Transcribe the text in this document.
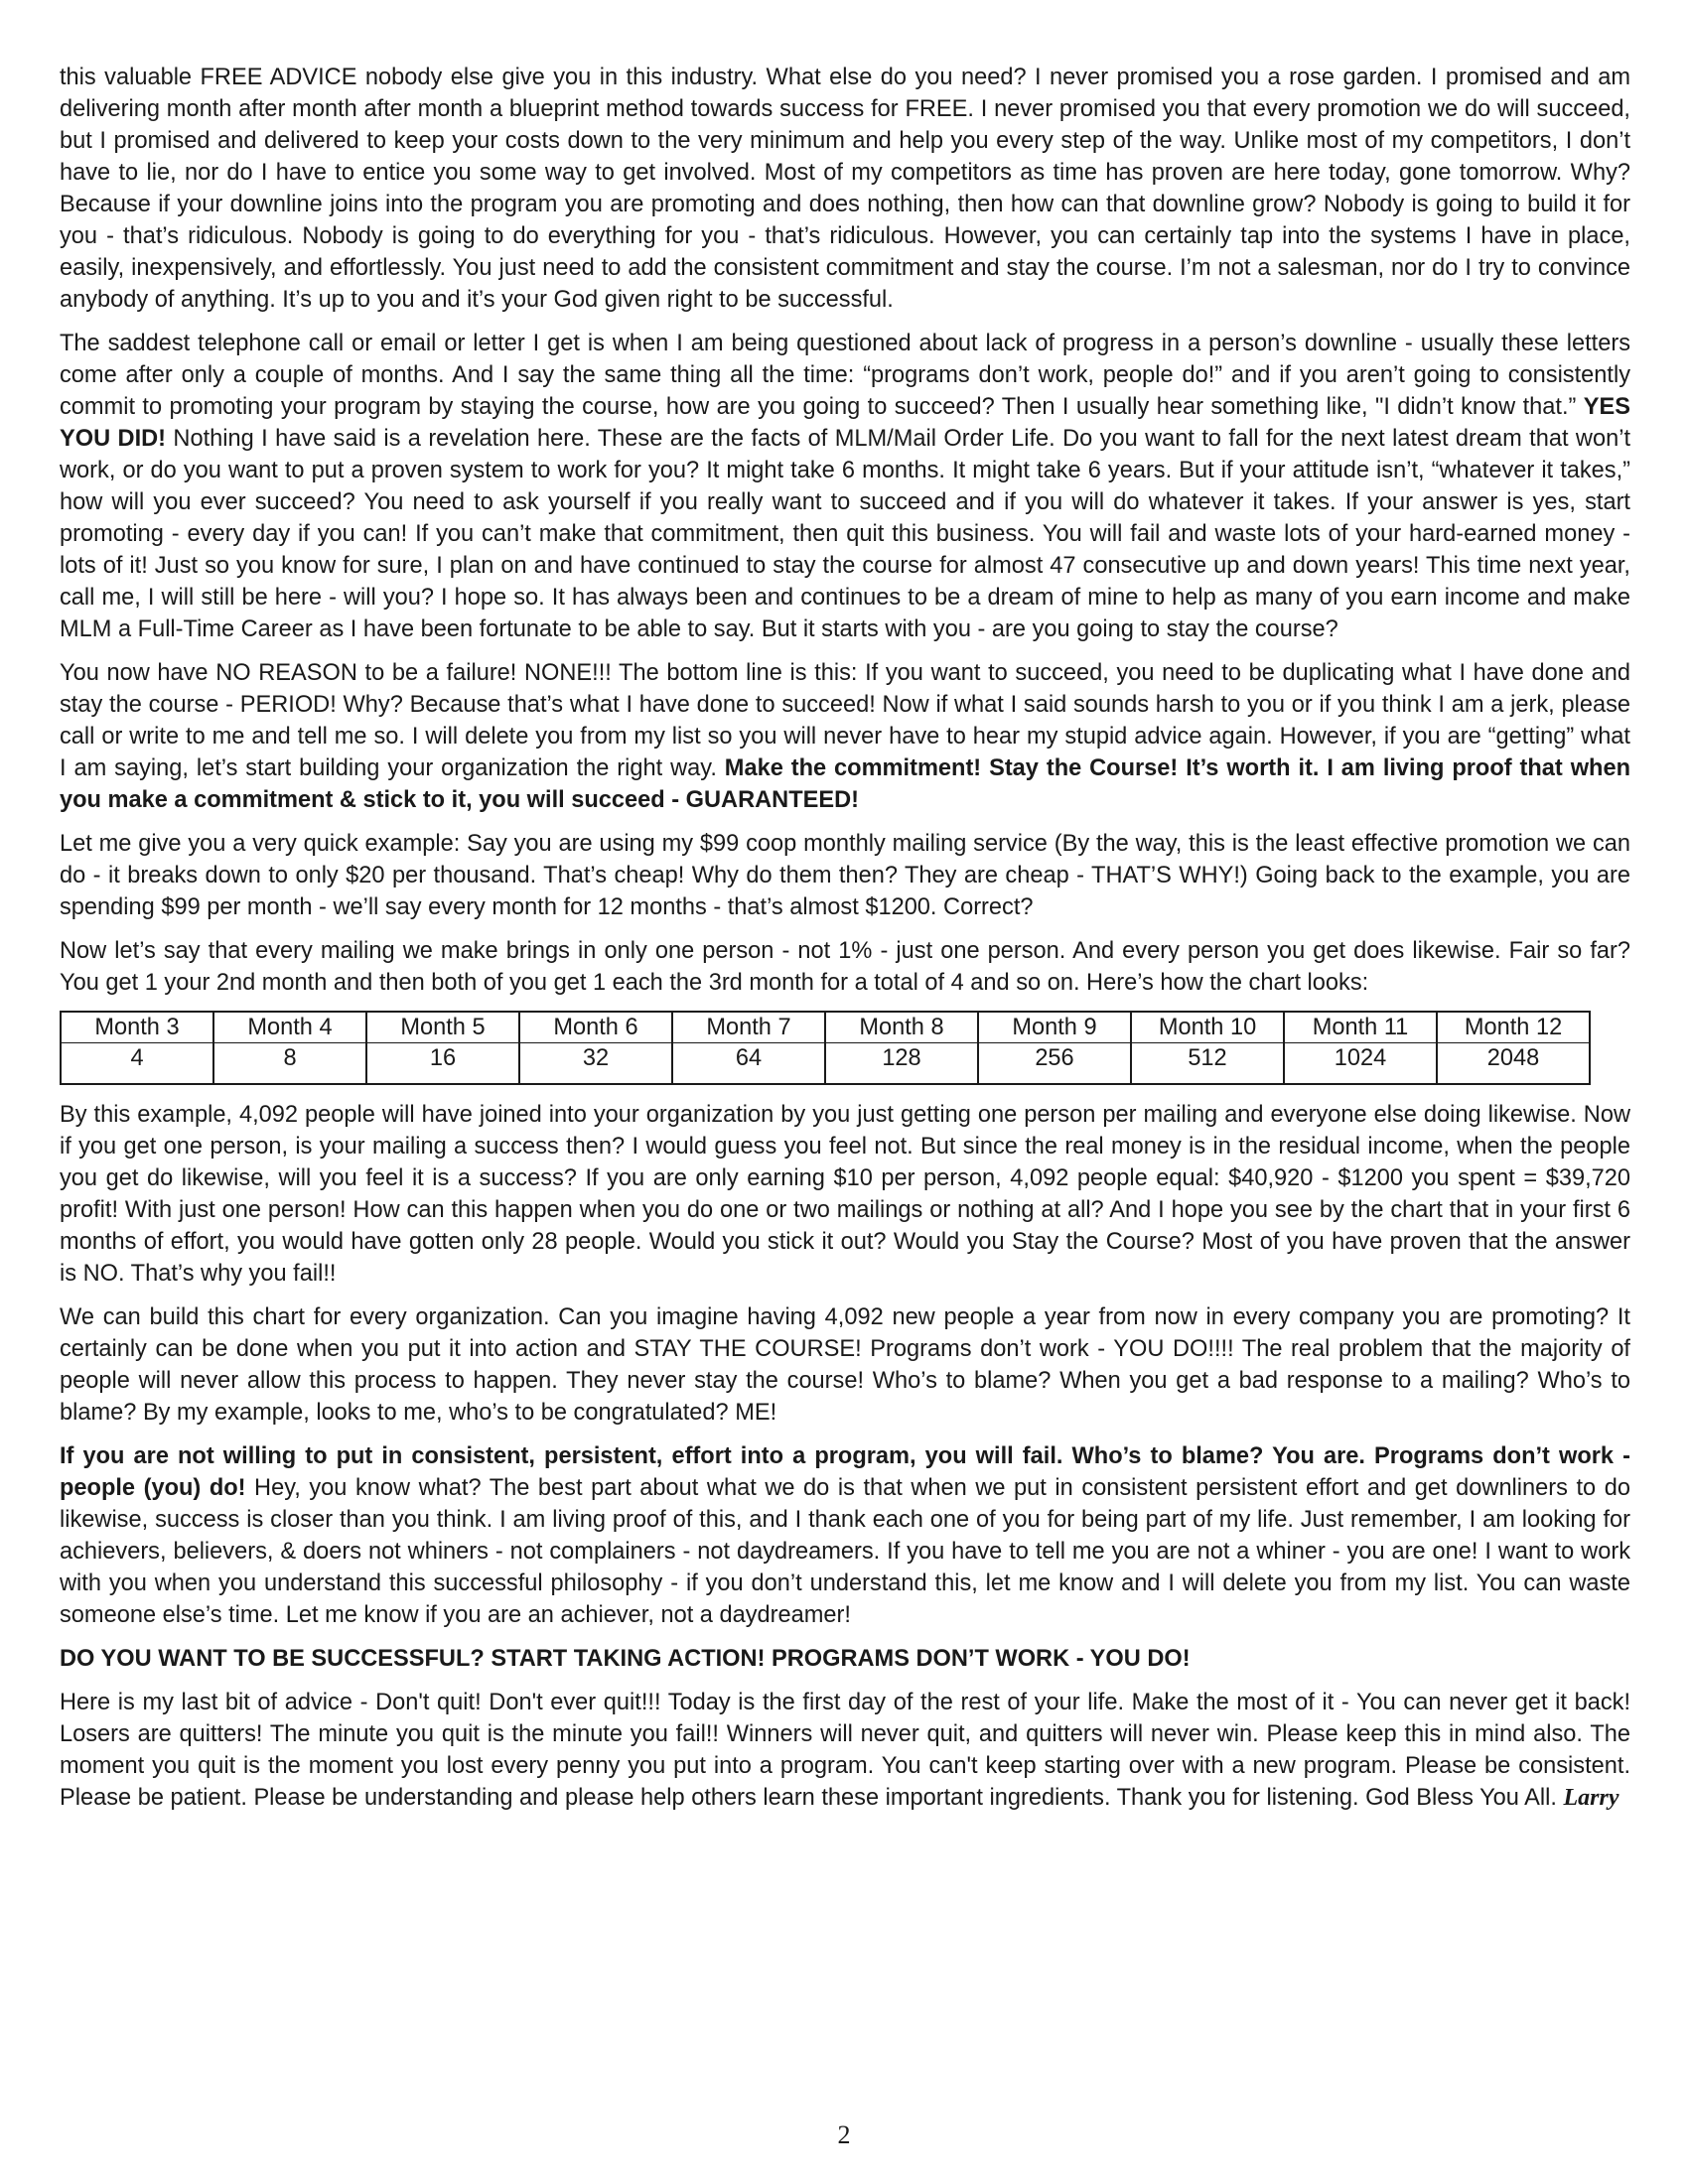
this valuable FREE ADVICE nobody else give you in this industry. What else do you need? I never promised you a rose garden. I promised and am delivering month after month after month a blueprint method towards success for FREE. I never promised you that every promotion we do will succeed, but I promised and delivered to keep your costs down to the very minimum and help you every step of the way. Unlike most of my competitors, I don’t have to lie, nor do I have to entice you some way to get involved. Most of my competitors as time has proven are here today, gone tomorrow. Why? Because if your downline joins into the program you are promoting and does nothing, then how can that downline grow? Nobody is going to build it for you - that’s ridiculous. Nobody is going to do everything for you - that’s ridiculous. However, you can certainly tap into the systems I have in place, easily, inexpensively, and effortlessly. You just need to add the consistent commitment and stay the course. I’m not a salesman, nor do I try to convince anybody of anything. It’s up to you and it’s your God given right to be successful.

The saddest telephone call or email or letter I get is when I am being questioned about lack of progress in a person’s downline - usually these letters come after only a couple of months. And I say the same thing all the time: “programs don’t work, people do!” and if you aren’t going to consistently commit to promoting your program by staying the course, how are you going to succeed? Then I usually hear something like, "I didn’t know that.” YES YOU DID! Nothing I have said is a revelation here. These are the facts of MLM/Mail Order Life. Do you want to fall for the next latest dream that won’t work, or do you want to put a proven system to work for you? It might take 6 months. It might take 6 years. But if your attitude isn’t, “whatever it takes,” how will you ever succeed? You need to ask yourself if you really want to succeed and if you will do whatever it takes. If your answer is yes, start promoting - every day if you can! If you can’t make that commitment, then quit this business. You will fail and waste lots of your hard-earned money - lots of it! Just so you know for sure, I plan on and have continued to stay the course for almost 47 consecutive up and down years! This time next year, call me, I will still be here - will you? I hope so. It has always been and continues to be a dream of mine to help as many of you earn income and make MLM a Full-Time Career as I have been fortunate to be able to say. But it starts with you - are you going to stay the course?

You now have NO REASON to be a failure! NONE!!! The bottom line is this: If you want to succeed, you need to be duplicating what I have done and stay the course - PERIOD! Why? Because that’s what I have done to succeed! Now if what I said sounds harsh to you or if you think I am a jerk, please call or write to me and tell me so. I will delete you from my list so you will never have to hear my stupid advice again. However, if you are “getting” what I am saying, let’s start building your organization the right way. Make the commitment! Stay the Course! It’s worth it. I am living proof that when you make a commitment & stick to it, you will succeed - GUARANTEED!

Let me give you a very quick example: Say you are using my $99 coop monthly mailing service (By the way, this is the least effective promotion we can do - it breaks down to only $20 per thousand. That’s cheap! Why do them then? They are cheap - THAT’S WHY!) Going back to the example, you are spending $99 per month - we’ll say every month for 12 months - that’s almost $1200. Correct?

Now let’s say that every mailing we make brings in only one person - not 1% - just one person. And every person you get does likewise. Fair so far? You get 1 your 2nd month and then both of you get 1 each the 3rd month for a total of 4 and so on. Here’s how the chart looks:

Month 3	Month 4	Month 5	Month 6	Month 7	Month 8	Month 9	Month 10	Month 11	Month 12
4	8	16	32	64	128	256	512	1024	2048

By this example, 4,092 people will have joined into your organization by you just getting one person per mailing and everyone else doing likewise. Now if you get one person, is your mailing a success then? I would guess you feel not. But since the real money is in the residual income, when the people you get do likewise, will you feel it is a success? If you are only earning $10 per person, 4,092 people equal: $40,920 - $1200 you spent = $39,720 profit! With just one person! How can this happen when you do one or two mailings or nothing at all? And I hope you see by the chart that in your first 6 months of effort, you would have gotten only 28 people. Would you stick it out? Would you Stay the Course? Most of you have proven that the answer is NO. That’s why you fail!!

We can build this chart for every organization. Can you imagine having 4,092 new people a year from now in every company you are promoting? It certainly can be done when you put it into action and STAY THE COURSE! Programs don’t work - YOU DO!!!! The real problem that the majority of people will never allow this process to happen. They never stay the course! Who’s to blame? When you get a bad response to a mailing? Who’s to blame? By my example, looks to me, who’s to be congratulated? ME!

If you are not willing to put in consistent, persistent, effort into a program, you will fail. Who’s to blame? You are. Programs don’t work - people (you) do! Hey, you know what? The best part about what we do is that when we put in consistent persistent effort and get downliners to do likewise, success is closer than you think. I am living proof of this, and I thank each one of you for being part of my life. Just remember, I am looking for achievers, believers, & doers not whiners - not complainers - not daydreamers. If you have to tell me you are not a whiner - you are one! I want to work with you when you understand this successful philosophy - if you don’t understand this, let me know and I will delete you from my list. You can waste someone else’s time. Let me know if you are an achiever, not a daydreamer!

DO YOU WANT TO BE SUCCESSFUL? START TAKING ACTION! PROGRAMS DON’T WORK - YOU DO!

Here is my last bit of advice - Don't quit! Don't ever quit!!! Today is the first day of the rest of your life. Make the most of it - You can never get it back! Losers are quitters! The minute you quit is the minute you fail!! Winners will never quit, and quitters will never win. Please keep this in mind also. The moment you quit is the moment you lost every penny you put into a program. You can't keep starting over with a new program. Please be consistent. Please be patient. Please be understanding and please help others learn these important ingredients. Thank you for listening. God Bless You All. Larry

2
